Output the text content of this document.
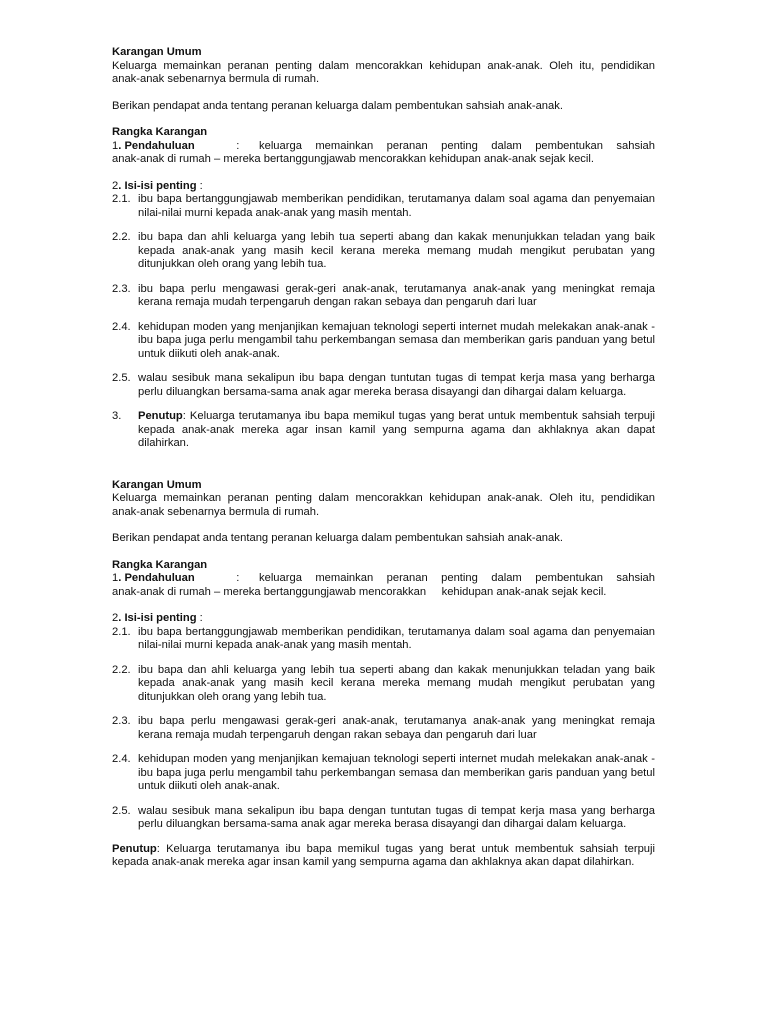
Karangan Umum

Keluarga memainkan peranan penting dalam mencorakkan kehidupan anak-anak. Oleh itu, pendidikan

anak-anak sebenarnya bermula di rumah.

Berikan pendapat anda tentang peranan keluarga dalam pembentukan sahsiah anak-anak.

Rangka Karangan

1. Pendahuluan	: keluarga memainkan peranan penting dalam pembentukan sahsiah

anak-anak di rumah – mereka bertanggungjawab mencorakkan kehidupan anak-anak sejak kecil.

2. Isi-isi penting :

2.1. ibu bapa bertanggungjawab memberikan pendidikan, terutamanya dalam soal agama dan penyemaian nilai-nilai murni kepada anak-anak yang masih mentah.
2.2. ibu bapa dan ahli keluarga yang lebih tua seperti abang dan kakak menunjukkan teladan yang baik kepada anak-anak yang masih kecil kerana mereka memang mudah mengikut perubatan yang ditunjukkan oleh orang yang lebih tua.
2.3. ibu bapa perlu mengawasi gerak-geri anak-anak, terutamanya anak-anak yang meningkat remaja kerana remaja mudah terpengaruh dengan rakan sebaya dan pengaruh dari luar
2.4. kehidupan moden yang menjanjikan kemajuan teknologi seperti internet mudah melekakan anak-anak - ibu bapa juga perlu mengambil tahu perkembangan semasa dan memberikan garis panduan yang betul untuk diikuti oleh anak-anak.
2.5. walau sesibuk mana sekalipun ibu bapa dengan tuntutan tugas di tempat kerja masa yang berharga perlu diluangkan bersama-sama anak agar mereka berasa disayangi dan dihargai dalam keluarga.
3.	Penutup: Keluarga terutamanya ibu bapa memikul tugas yang berat untuk membentuk sahsiah terpuji kepada anak-anak mereka agar insan kamil yang sempurna agama dan akhlaknya akan dapat dilahirkan.

Karangan Umum

Keluarga memainkan peranan penting dalam mencorakkan kehidupan anak-anak. Oleh itu, pendidikan

anak-anak sebenarnya bermula di rumah.

Berikan pendapat anda tentang peranan keluarga dalam pembentukan sahsiah anak-anak.

Rangka Karangan

1. Pendahuluan	: keluarga memainkan peranan penting dalam pembentukan sahsiah

anak-anak di rumah – mereka bertanggungjawab mencorakkan     kehidupan anak-anak sejak kecil.

2. Isi-isi penting :

2.1. ibu bapa bertanggungjawab memberikan pendidikan, terutamanya dalam soal agama dan penyemaian nilai-nilai murni kepada anak-anak yang masih mentah.
2.2. ibu bapa dan ahli keluarga yang lebih tua seperti abang dan kakak menunjukkan teladan yang baik kepada anak-anak yang masih kecil kerana mereka memang mudah mengikut perubatan yang ditunjukkan oleh orang yang lebih tua.
2.3. ibu bapa perlu mengawasi gerak-geri anak-anak, terutamanya anak-anak yang meningkat remaja kerana remaja mudah terpengaruh dengan rakan sebaya dan pengaruh dari luar
2.4. kehidupan moden yang menjanjikan kemajuan teknologi seperti internet mudah melekakan anak-anak - ibu bapa juga perlu mengambil tahu perkembangan semasa dan memberikan garis panduan yang betul untuk diikuti oleh anak-anak.
2.5. walau sesibuk mana sekalipun ibu bapa dengan tuntutan tugas di tempat kerja masa yang berharga perlu diluangkan bersama-sama anak agar mereka berasa disayangi dan dihargai dalam keluarga.

Penutup: Keluarga terutamanya ibu bapa memikul tugas yang berat untuk membentuk sahsiah terpuji kepada anak-anak mereka agar insan kamil yang sempurna agama dan akhlaknya akan dapat dilahirkan.
